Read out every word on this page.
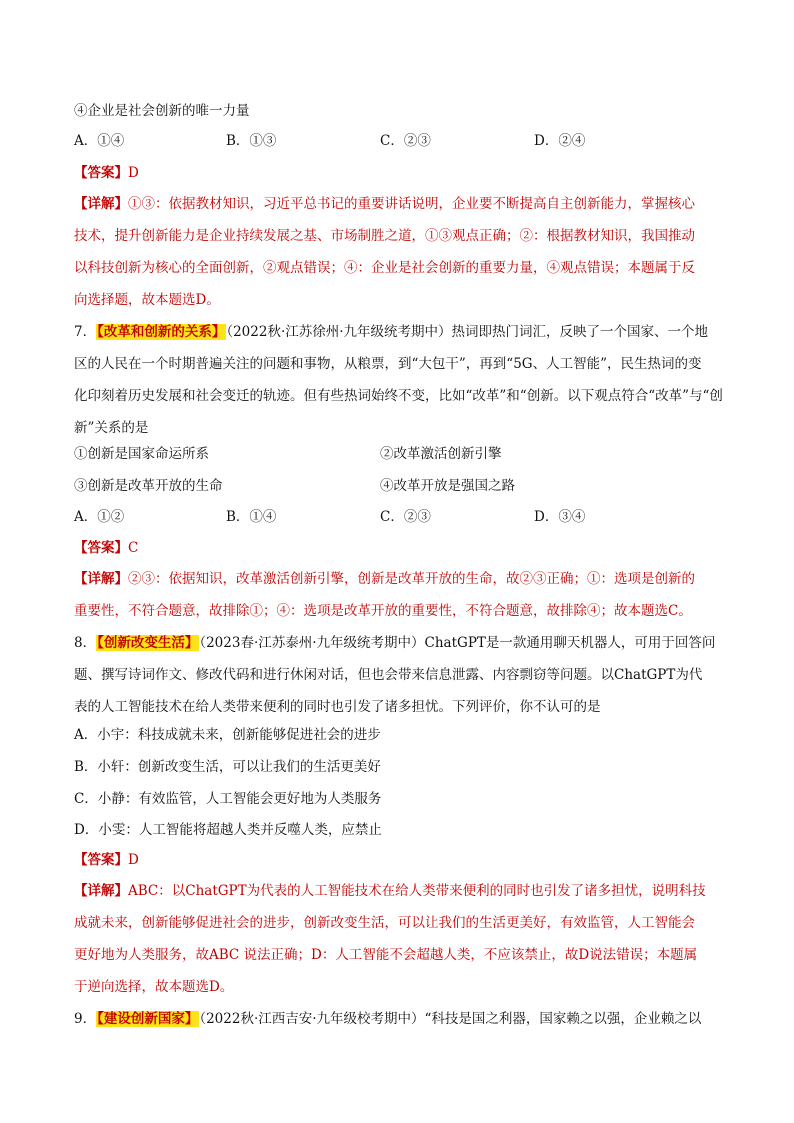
④企业是社会创新的唯一力量
A．①④	B．①③	C．②③	D．②④
【答案】D
【详解】①③：依据教材知识，习近平总书记的重要讲话说明，企业要不断提高自主创新能力，掌握核心
技术，提升创新能力是企业持续发展之基、市场制胜之道，①③观点正确；②：根据教材知识，我国推动
以科技创新为核心的全面创新，②观点错误；④：企业是社会创新的重要力量，④观点错误；本题属于反
向选择题，故本题选D。
7．【改革和创新的关系】（2022秋·江苏徐州·九年级统考期中）热词即热门词汇，反映了一个国家、一个地
区的人民在一个时期普遍关注的问题和事物，从粮票，到“大包干”，再到“5G、人工智能”，民生热词的变
化印刻着历史发展和社会变迁的轨迹。但有些热词始终不变，比如“改革”和“创新。以下观点符合“改革”与“创
新”关系的是
①创新是国家命运所系	②改革激活创新引擎
③创新是改革开放的生命	④改革开放是强国之路
A．①②	B．①④	C．②③	D．③④
【答案】C
【详解】②③：依据知识，改革激活创新引擎，创新是改革开放的生命，故②③正确；①：选项是创新的
重要性，不符合题意，故排除①；④：选项是改革开放的重要性，不符合题意，故排除④；故本题选C。
8．【创新改变生活】（2023春·江苏泰州·九年级统考期中）ChatGPT是一款通用聊天机器人，可用于回答问
题、撰写诗词作文、修改代码和进行休闲对话，但也会带来信息泄露、内容剽窃等问题。以ChatGPT为代
表的人工智能技术在给人类带来便利的同时也引发了诸多担忧。下列评价，你不认可的是
A．小宇：科技成就未来，创新能够促进社会的进步
B．小轩：创新改变生活，可以让我们的生活更美好
C．小静：有效监管，人工智能会更好地为人类服务
D．小雯：人工智能将超越人类并反噬人类，应禁止
【答案】D
【详解】ABC：以ChatGPT为代表的人工智能技术在给人类带来便利的同时也引发了诸多担忧，说明科技
成就未来，创新能够促进社会的进步，创新改变生活，可以让我们的生活更美好，有效监管，人工智能会
更好地为人类服务，故ABC 说法正确；D：人工智能不会超越人类，不应该禁止，故D说法错误；本题属
于逆向选择，故本题选D。
9．【建设创新国家】（2022秋·江西吉安·九年级校考期中）“科技是国之利器，国家赖之以强，企业赖之以
